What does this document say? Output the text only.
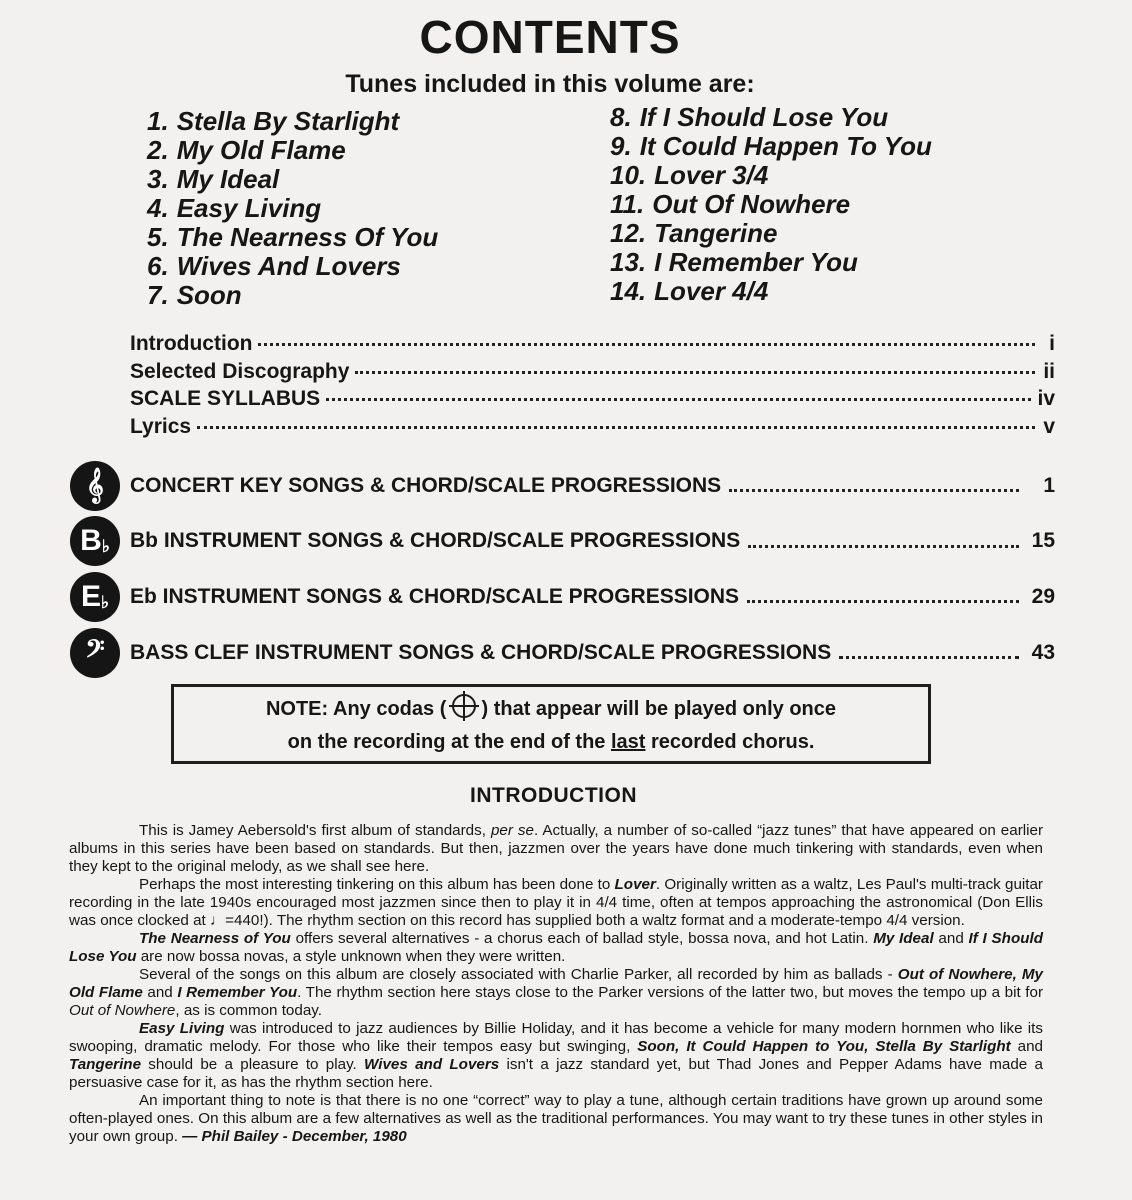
CONTENTS
Tunes included in this volume are:
1. Stella By Starlight
2. My Old Flame
3. My Ideal
4. Easy Living
5. The Nearness Of You
6. Wives And Lovers
7. Soon
8. If I Should Lose You
9. It Could Happen To You
10. Lover 3/4
11. Out Of Nowhere
12. Tangerine
13. I Remember You
14. Lover 4/4
Introduction	i
Selected Discography	ii
SCALE SYLLABUS	iv
Lyrics	v
𝄞 CONCERT KEY SONGS & CHORD/SCALE PROGRESSIONS	1
B ♭ Bb INSTRUMENT SONGS & CHORD/SCALE PROGRESSIONS	15
E ♭ Eb INSTRUMENT SONGS & CHORD/SCALE PROGRESSIONS	29
𝄢 BASS CLEF INSTRUMENT SONGS & CHORD/SCALE PROGRESSIONS	43

NOTE: Any codas ( ) that appear will be played only once

on the recording at the end of the last recorded chorus.

INTRODUCTION

This is Jamey Aebersold's first album of standards, per se. Actually, a number of so-called “jazz tunes” that have appeared on earlier albums in this series have been based on standards. But then, jazzmen over the years have done much tinkering with standards, even when they kept to the original melody, as we shall see here.

Perhaps the most interesting tinkering on this album has been done to Lover. Originally written as a waltz, Les Paul's multi-track guitar recording in the late 1940s encouraged most jazzmen since then to play it in 4/4 time, often at tempos approaching the astronomical (Don Ellis was once clocked at ♩=440!). The rhythm section on this record has supplied both a waltz format and a moderate-tempo 4/4 version.

The Nearness of You offers several alternatives - a chorus each of ballad style, bossa nova, and hot Latin. My Ideal and If I Should Lose You are now bossa novas, a style unknown when they were written.

Several of the songs on this album are closely associated with Charlie Parker, all recorded by him as ballads - Out of Nowhere, My Old Flame and I Remember You. The rhythm section here stays close to the Parker versions of the latter two, but moves the tempo up a bit for Out of Nowhere, as is common today.

Easy Living was introduced to jazz audiences by Billie Holiday, and it has become a vehicle for many modern hornmen who like its swooping, dramatic melody. For those who like their tempos easy but swinging, Soon, It Could Happen to You, Stella By Starlight and Tangerine should be a pleasure to play. Wives and Lovers isn't a jazz standard yet, but Thad Jones and Pepper Adams have made a persuasive case for it, as has the rhythm section here.

An important thing to note is that there is no one “correct” way to play a tune, although certain traditions have grown up around some often-played ones. On this album are a few alternatives as well as the traditional performances. You may want to try these tunes in other styles in your own group. — Phil Bailey - December, 1980
